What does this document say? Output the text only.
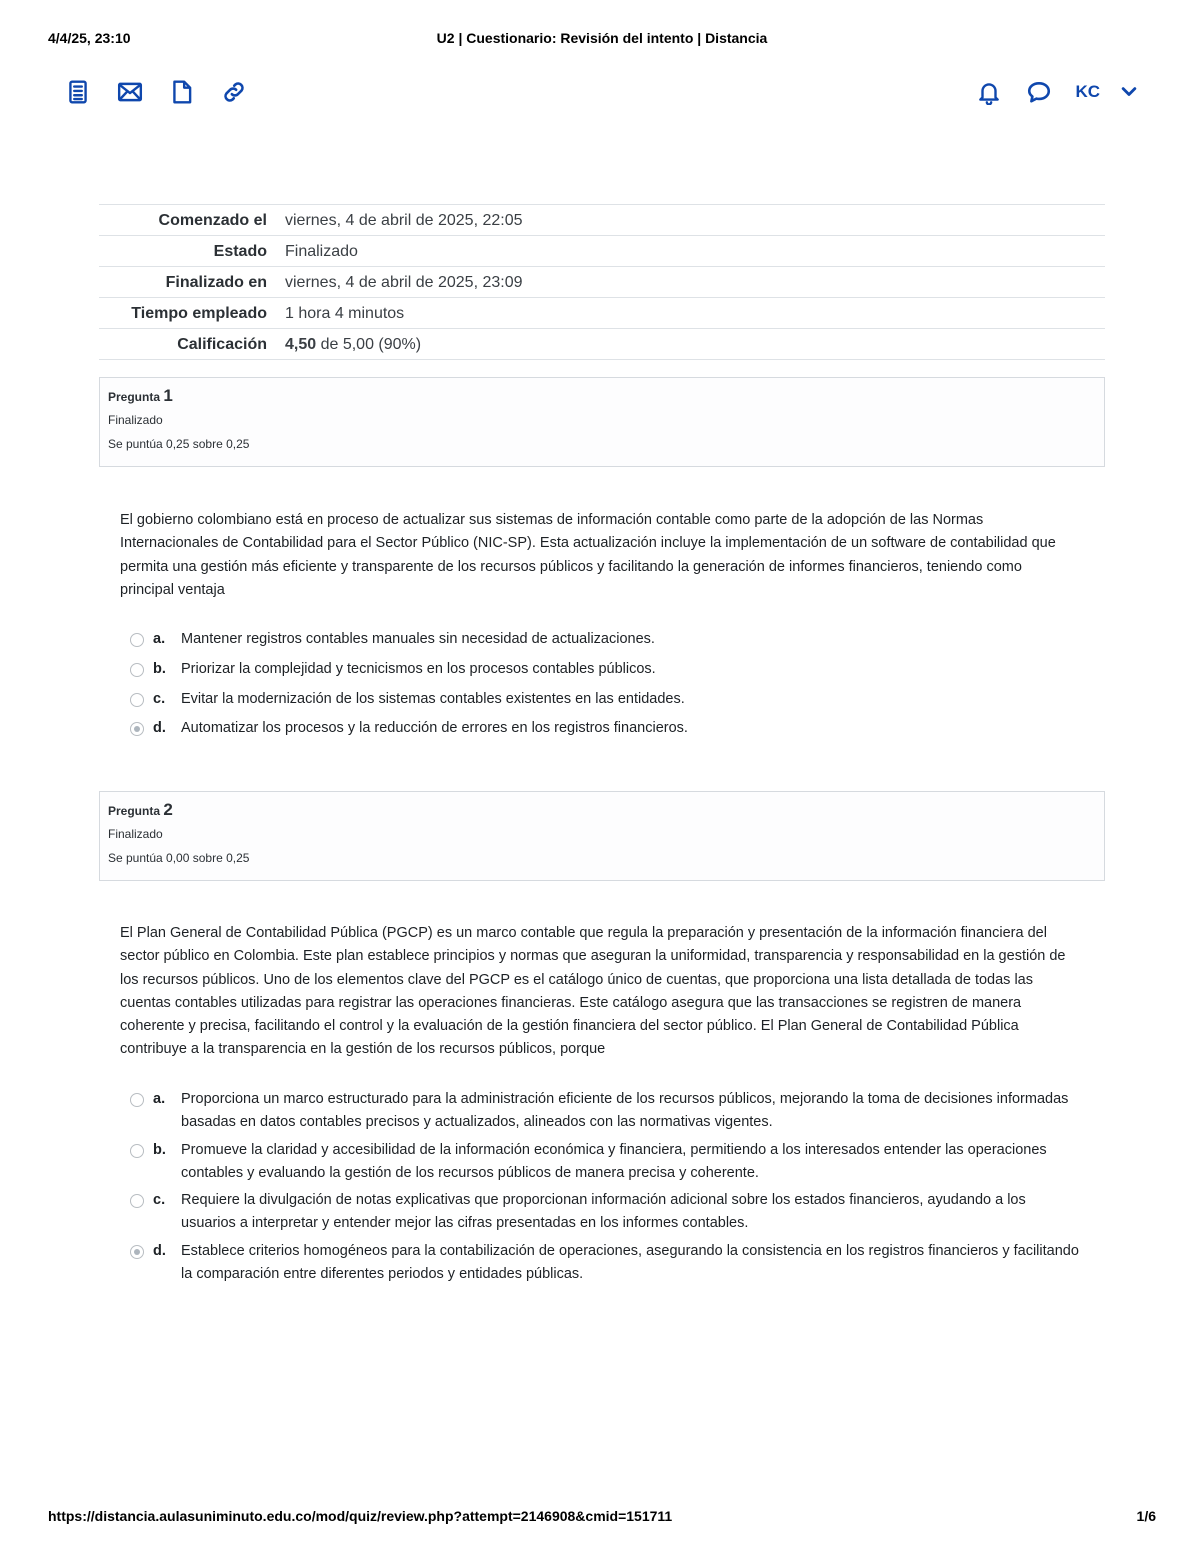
4/4/25, 23:10	U2 | Cuestionario: Revisión del intento | Distancia
KC
Comenzado el	viernes, 4 de abril de 2025, 22:05
Estado	Finalizado
Finalizado en	viernes, 4 de abril de 2025, 23:09
Tiempo empleado	1 hora 4 minutos
Calificación	4,50 de 5,00 (90%)
Pregunta 1
Finalizado
Se puntúa 0,25 sobre 0,25
El gobierno colombiano está en proceso de actualizar sus sistemas de información contable como parte de la adopción de las Normas Internacionales de Contabilidad para el Sector Público (NIC-SP). Esta actualización incluye la implementación de un software de contabilidad que permita una gestión más eficiente y transparente de los recursos públicos y facilitando la generación de informes financieros, teniendo como principal ventaja
a.	Mantener registros contables manuales sin necesidad de actualizaciones.
b.	Priorizar la complejidad y tecnicismos en los procesos contables públicos.
c.	Evitar la modernización de los sistemas contables existentes en las entidades.
d.	Automatizar los procesos y la reducción de errores en los registros financieros.
Pregunta 2
Finalizado
Se puntúa 0,00 sobre 0,25
El Plan General de Contabilidad Pública (PGCP) es un marco contable que regula la preparación y presentación de la información financiera del sector público en Colombia. Este plan establece principios y normas que aseguran la uniformidad, transparencia y responsabilidad en la gestión de los recursos públicos. Uno de los elementos clave del PGCP es el catálogo único de cuentas, que proporciona una lista detallada de todas las cuentas contables utilizadas para registrar las operaciones financieras. Este catálogo asegura que las transacciones se registren de manera coherente y precisa, facilitando el control y la evaluación de la gestión financiera del sector público. El Plan General de Contabilidad Pública contribuye a la transparencia en la gestión de los recursos públicos, porque
a.	Proporciona un marco estructurado para la administración eficiente de los recursos públicos, mejorando la toma de decisiones informadas basadas en datos contables precisos y actualizados, alineados con las normativas vigentes.
b.	Promueve la claridad y accesibilidad de la información económica y financiera, permitiendo a los interesados entender las operaciones contables y evaluando la gestión de los recursos públicos de manera precisa y coherente.
c.	Requiere la divulgación de notas explicativas que proporcionan información adicional sobre los estados financieros, ayudando a los usuarios a interpretar y entender mejor las cifras presentadas en los informes contables.
d.	Establece criterios homogéneos para la contabilización de operaciones, asegurando la consistencia en los registros financieros y facilitando la comparación entre diferentes periodos y entidades públicas.
https://distancia.aulasuniminuto.edu.co/mod/quiz/review.php?attempt=2146908&cmid=151711	1/6
